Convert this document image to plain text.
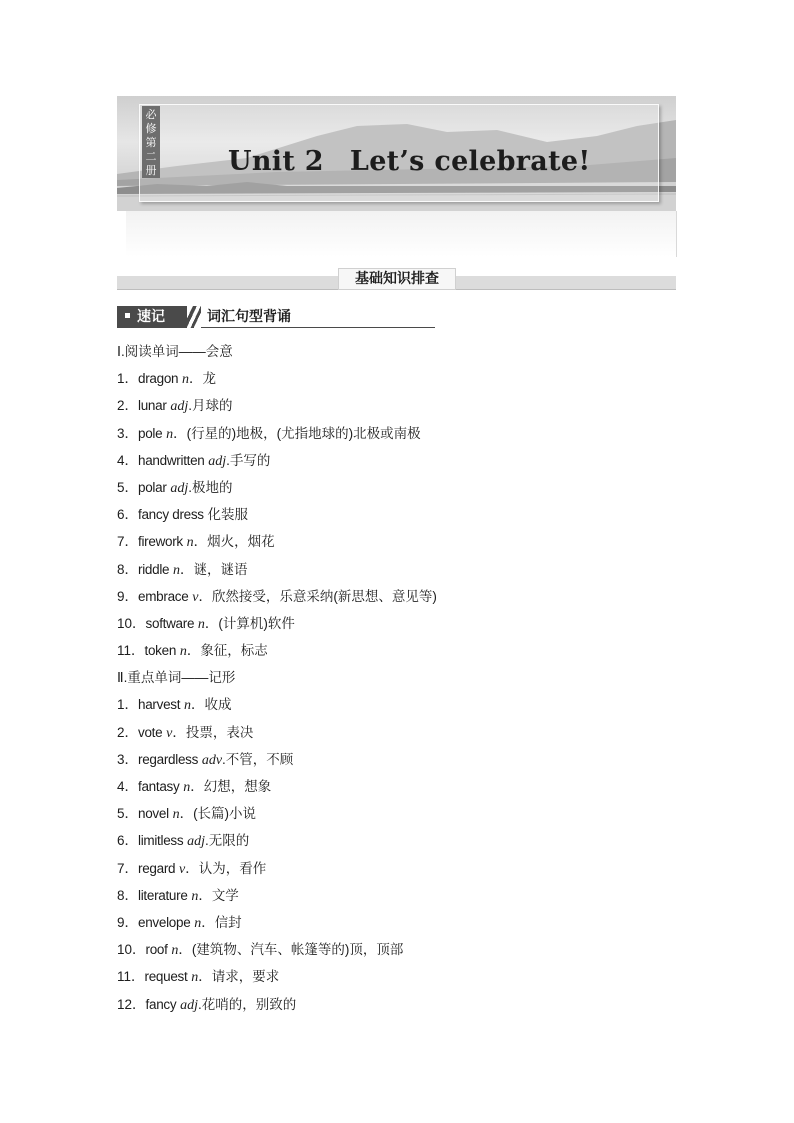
必修第二册	Unit 2 Let’s celebrate!
基础知识排查
速记	词汇句型背诵
Ⅰ.阅读单词——会意
1．dragon n．龙
2．lunar adj.月球的
3．pole n．(行星的)地极，(尤指地球的)北极或南极
4．handwritten adj.手写的
5．polar adj.极地的
6．fancy dress 化装服
7．firework n．烟火，烟花
8．riddle n．谜，谜语
9．embrace v．欣然接受，乐意采纳(新思想、意见等)
10．software n．(计算机)软件
11．token n．象征，标志
Ⅱ.重点单词——记形
1．harvest n．收成
2．vote v．投票，表决
3．regardless adv.不管，不顾
4．fantasy n．幻想，想象
5．novel n．(长篇)小说
6．limitless adj.无限的
7．regard v．认为，看作
8．literature n．文学
9．envelope n．信封
10．roof n．(建筑物、汽车、帐篷等的)顶，顶部
11．request n．请求，要求
12．fancy adj.花哨的，别致的
